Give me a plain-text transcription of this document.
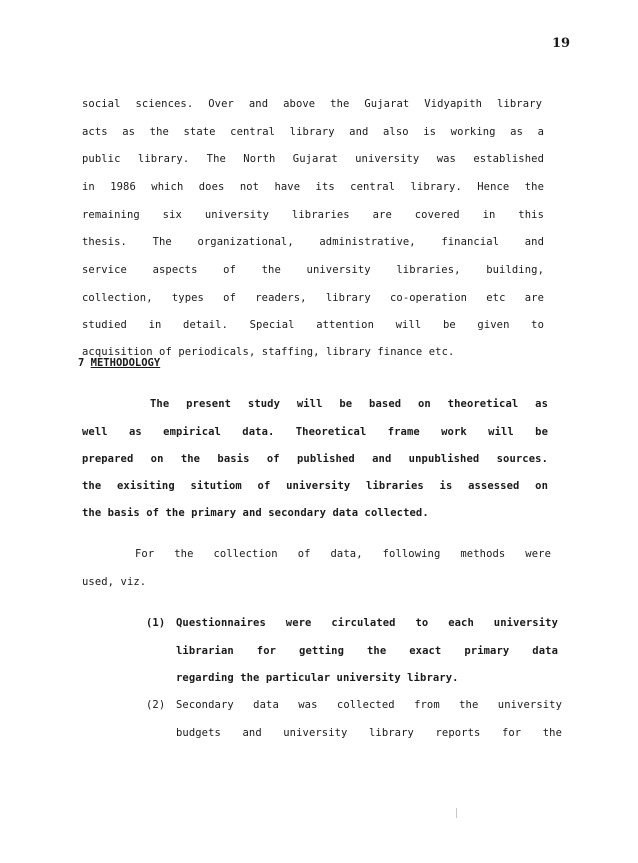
19
social sciences. Over and above the Gujarat Vidyapith library
acts as the state central library and also is working as a
public library. The North Gujarat university was established
in 1986 which does not have its central library. Hence the
remaining six university libraries are covered in this
thesis. The organizational, administrative, financial and
service aspects of the university libraries, building,
collection, types of readers, library co-operation etc are
studied in detail. Special attention will be given to
acquisition of periodicals, staffing, library finance etc.
7 METHODOLOGY
The present study will be based on theoretical as
well as empirical data. Theoretical frame work will be
prepared on the basis of published and unpublished sources.
the exisiting situtiom of university libraries is assessed on
the basis of the primary and secondary data collected.
For the collection of data, following methods were
used, viz.
(1) Questionnaires were circulated to each university
librarian for getting the exact primary data
regarding the particular university library.
(2) Secondary data was collected from the university
budgets and university library reports for the
